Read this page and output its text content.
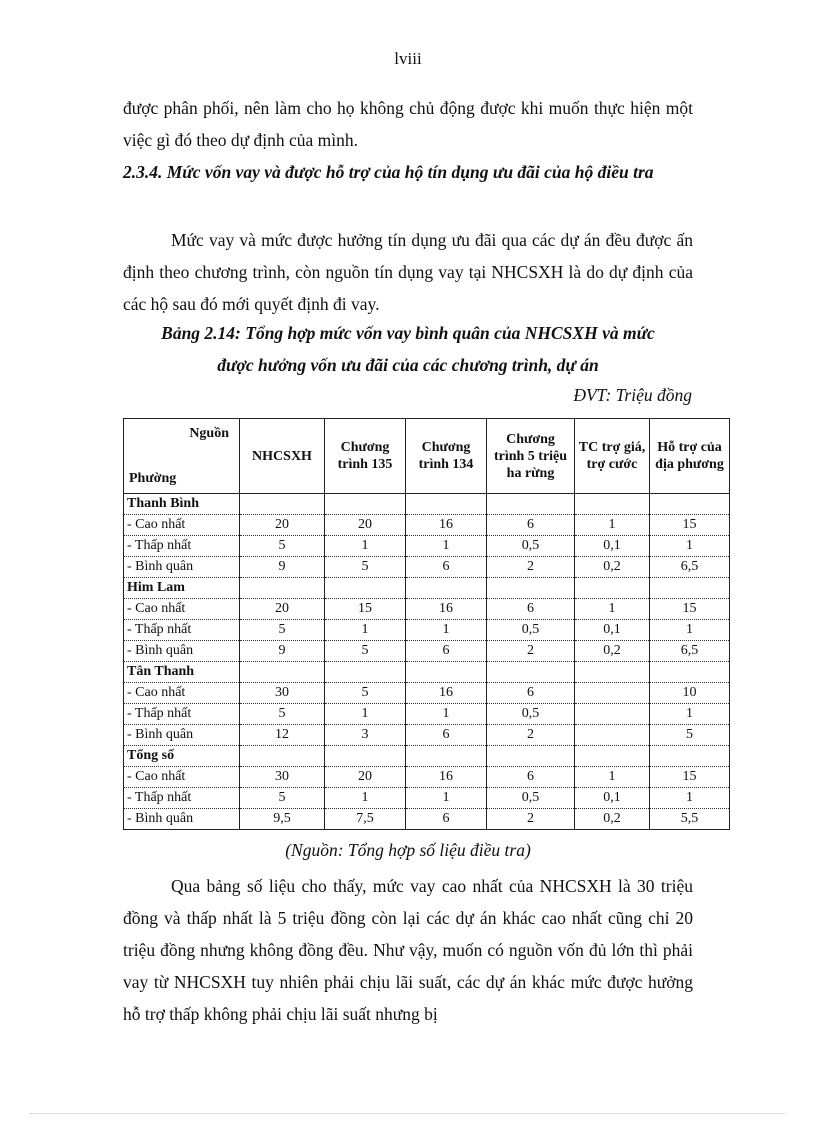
lviii

được phân phối, nên làm cho họ không chủ động được khi muốn thực hiện một việc gì đó theo dự định của mình.

2.3.4. Mức vốn vay và được hỗ trợ của hộ tín dụng ưu đãi của hộ điều tra

Mức vay và mức được hưởng tín dụng ưu đãi qua các dự án đều được ấn định theo chương trình, còn nguồn tín dụng vay tại NHCSXH là do dự định của các hộ sau đó mới quyết định đi vay.

Bảng 2.14: Tổng hợp mức vốn vay bình quân của NHCSXH và mức
được hưởng vốn ưu đãi của các chương trình, dự án
ĐVT: Triệu đồng
Nguồn
Phường	NHCSXH	Chương trình 135	Chương trình 134	Chương trình 5 triệu ha rừng	TC trợ giá, trợ cước	Hỗ trợ của địa phương
Thanh Bình						
- Cao nhất	20	20	16	6	1	15
- Thấp nhất	5	1	1	0,5	0,1	1
- Bình quân	9	5	6	2	0,2	6,5
Him Lam						
- Cao nhất	20	15	16	6	1	15
- Thấp nhất	5	1	1	0,5	0,1	1
- Bình quân	9	5	6	2	0,2	6,5
Tân Thanh						
- Cao nhất	30	5	16	6		10
- Thấp nhất	5	1	1	0,5		1
- Bình quân	12	3	6	2		5
Tổng số						
- Cao nhất	30	20	16	6	1	15
- Thấp nhất	5	1	1	0,5	0,1	1
- Bình quân	9,5	7,5	6	2	0,2	5,5
(Nguồn: Tổng hợp số liệu điều tra)

Qua bảng số liệu cho thấy, mức vay cao nhất của NHCSXH là 30 triệu đồng và thấp nhất là 5 triệu đồng còn lại các dự án khác cao nhất cũng chỉ 20 triệu đồng nhưng không đồng đều. Như vậy, muốn có nguồn vốn đủ lớn thì phải vay từ NHCSXH tuy nhiên phải chịu lãi suất, các dự án khác mức được hưởng hỗ trợ thấp không phải chịu lãi suất nhưng bị
